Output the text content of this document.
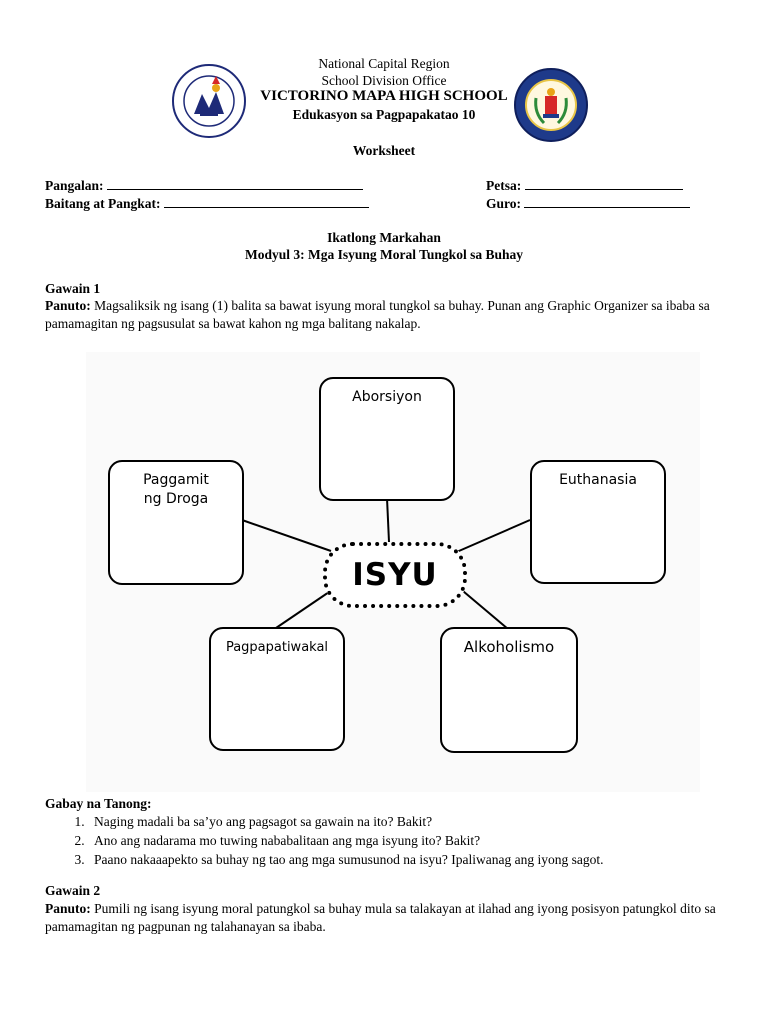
National Capital Region
School Division Office
VICTORINO MAPA HIGH SCHOOL
Edukasyon sa Pagpapakatao 10
Worksheet
Pangalan:	Petsa:
Baitang at Pangkat:	Guro:
Ikatlong Markahan
Modyul 3: Mga Isyung Moral Tungkol sa Buhay
Gawain 1
Panuto: Magsaliksik ng isang (1) balita sa bawat isyung moral tungkol sa buhay. Punan ang Graphic Organizer sa ibaba sa pamamagitan ng pagsusulat sa bawat kahon ng mga balitang nakalap.
Aborsiyon
Paggamit
ng Droga
Euthanasia
Pagpapatiwakal	Alkoholismo
ISYU
Gabay na Tanong:
1. Naging madali ba sa’yo ang pagsagot sa gawain na ito? Bakit?
2. Ano ang nadarama mo tuwing nababalitaan ang mga isyung ito? Bakit?
3. Paano nakaaapekto sa buhay ng tao ang mga sumusunod na isyu? Ipaliwanag ang iyong sagot.
Gawain 2
Panuto: Pumili ng isang isyung moral patungkol sa buhay mula sa talakayan at ilahad ang iyong posisyon patungkol dito sa pamamagitan ng pagpunan ng talahanayan sa ibaba.
